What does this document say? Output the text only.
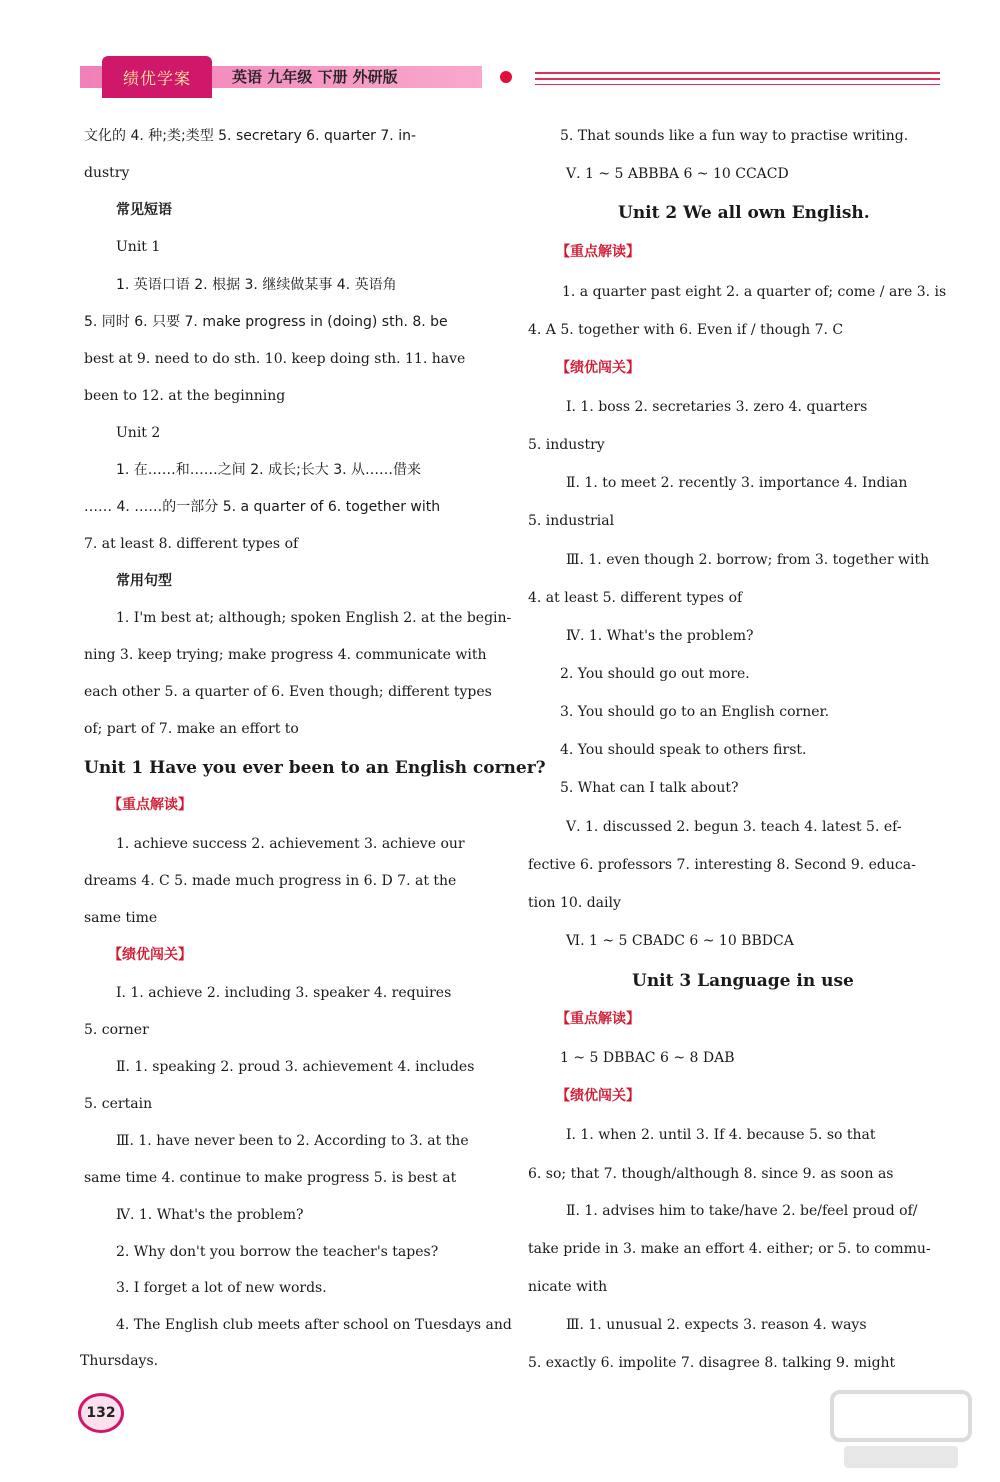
绩优学案	英语 九年级 下册 外研版
文化的 4. 种;类;类型 5. secretary 6. quarter 7. in-
dustry
常见短语
Unit 1
1. 英语口语 2. 根据 3. 继续做某事 4. 英语角
5. 同时 6. 只要 7. make progress in (doing) sth. 8. be
best at 9. need to do sth. 10. keep doing sth. 11. have
been to 12. at the beginning
Unit 2
1. 在……和……之间 2. 成长;长大 3. 从……借来
…… 4. ……的一部分 5. a quarter of 6. together with
7. at least 8. different types of
常用句型
1. I'm best at; although; spoken English 2. at the begin-
ning 3. keep trying; make progress 4. communicate with
each other 5. a quarter of 6. Even though; different types
of; part of 7. make an effort to
Unit 1 Have you ever been to an English corner?
【重点解读】
1. achieve success 2. achievement 3. achieve our
dreams 4. C 5. made much progress in 6. D 7. at the
same time
【绩优闯关】
Ⅰ. 1. achieve 2. including 3. speaker 4. requires
5. corner
Ⅱ. 1. speaking 2. proud 3. achievement 4. includes
5. certain
Ⅲ. 1. have never been to 2. According to 3. at the
same time 4. continue to make progress 5. is best at
Ⅳ. 1. What's the problem?
2. Why don't you borrow the teacher's tapes?
3. I forget a lot of new words.
4. The English club meets after school on Tuesdays and
Thursdays.
5. That sounds like a fun way to practise writing.
Ⅴ. 1 ~ 5 ABBBA 6 ~ 10 CCACD
Unit 2 We all own English.
【重点解读】
1. a quarter past eight 2. a quarter of; come / are 3. is
4. A 5. together with 6. Even if / though 7. C
【绩优闯关】
Ⅰ. 1. boss 2. secretaries 3. zero 4. quarters
5. industry
Ⅱ. 1. to meet 2. recently 3. importance 4. Indian
5. industrial
Ⅲ. 1. even though 2. borrow; from 3. together with
4. at least 5. different types of
Ⅳ. 1. What's the problem?
2. You should go out more.
3. You should go to an English corner.
4. You should speak to others first.
5. What can I talk about?
Ⅴ. 1. discussed 2. begun 3. teach 4. latest 5. ef-
fective 6. professors 7. interesting 8. Second 9. educa-
tion 10. daily
Ⅵ. 1 ~ 5 CBADC 6 ~ 10 BBDCA
Unit 3 Language in use
【重点解读】
1 ~ 5 DBBAC 6 ~ 8 DAB
【绩优闯关】
Ⅰ. 1. when 2. until 3. If 4. because 5. so that
6. so; that 7. though/although 8. since 9. as soon as
Ⅱ. 1. advises him to take/have 2. be/feel proud of/
take pride in 3. make an effort 4. either; or 5. to commu-
nicate with
Ⅲ. 1. unusual 2. expects 3. reason 4. ways
5. exactly 6. impolite 7. disagree 8. talking 9. might
132
